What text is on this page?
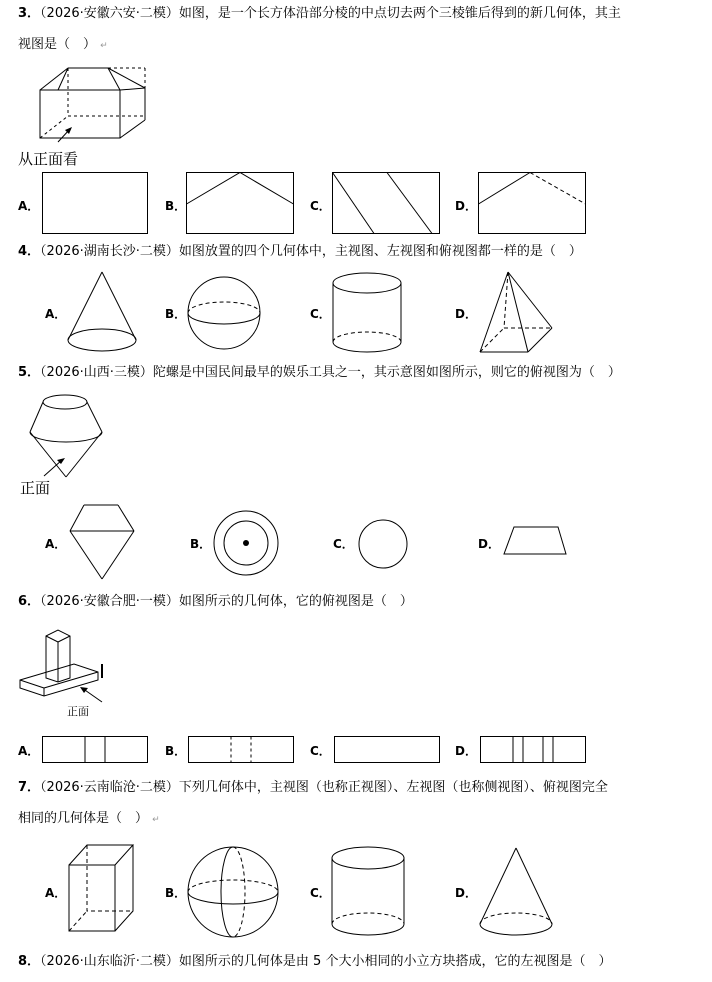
3．（2026·安徽六安·二模）如图，是一个长方体沿部分棱的中点切去两个三棱锥后得到的新几何体，其主
视图是（　） ↵
从正面看
A．	B．	C．	D．
4．（2026·湖南长沙·二模）如图放置的四个几何体中，主视图、左视图和俯视图都一样的是（　）
A．	B．	C．	D．
5．（2026·山西·三模）陀螺是中国民间最早的娱乐工具之一，其示意图如图所示，则它的俯视图为（　）
正面
A．	B．	C．	D．
6．（2026·安徽合肥·一模）如图所示的几何体，它的俯视图是（　）
正面
A．	B．	C．	D．
7．（2026·云南临沧·二模）下列几何体中，主视图（也称正视图）、左视图（也称侧视图）、俯视图完全
相同的几何体是（　） ↵
A．	B．	C．	D．
8．（2026·山东临沂·二模）如图所示的几何体是由 5 个大小相同的小立方块搭成，它的左视图是（　）
